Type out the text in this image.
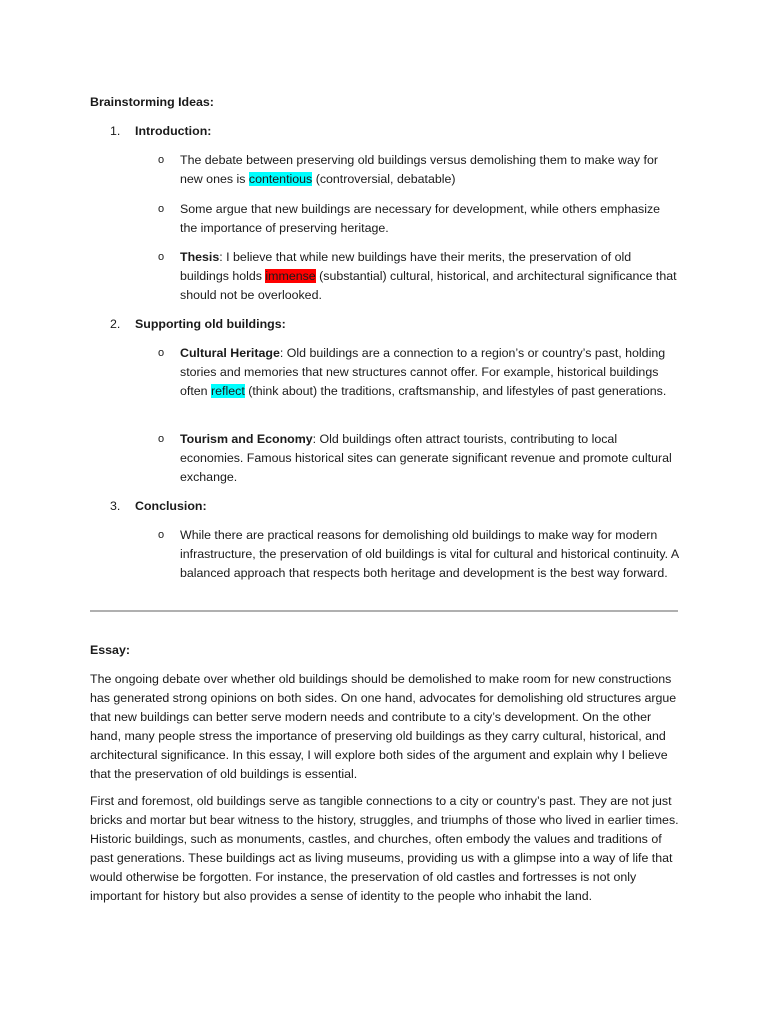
Brainstorming Ideas:
1. Introduction:
o The debate between preserving old buildings versus demolishing them to make way for new ones is contentious (controversial, debatable)
o Some argue that new buildings are necessary for development, while others emphasize the importance of preserving heritage.
o Thesis: I believe that while new buildings have their merits, the preservation of old buildings holds immense (substantial) cultural, historical, and architectural significance that should not be overlooked.
2. Supporting old buildings:
o Cultural Heritage: Old buildings are a connection to a region’s or country’s past, holding stories and memories that new structures cannot offer. For example, historical buildings often reflect (think about) the traditions, craftsmanship, and lifestyles of past generations.
o Tourism and Economy: Old buildings often attract tourists, contributing to local economies. Famous historical sites can generate significant revenue and promote cultural exchange.
3. Conclusion:
o While there are practical reasons for demolishing old buildings to make way for modern infrastructure, the preservation of old buildings is vital for cultural and historical continuity. A balanced approach that respects both heritage and development is the best way forward.
Essay:
The ongoing debate over whether old buildings should be demolished to make room for new constructions has generated strong opinions on both sides. On one hand, advocates for demolishing old structures argue that new buildings can better serve modern needs and contribute to a city’s development. On the other hand, many people stress the importance of preserving old buildings as they carry cultural, historical, and architectural significance. In this essay, I will explore both sides of the argument and explain why I believe that the preservation of old buildings is essential.
First and foremost, old buildings serve as tangible connections to a city or country’s past. They are not just bricks and mortar but bear witness to the history, struggles, and triumphs of those who lived in earlier times. Historic buildings, such as monuments, castles, and churches, often embody the values and traditions of past generations. These buildings act as living museums, providing us with a glimpse into a way of life that would otherwise be forgotten. For instance, the preservation of old castles and fortresses is not only important for history but also provides a sense of identity to the people who inhabit the land.
